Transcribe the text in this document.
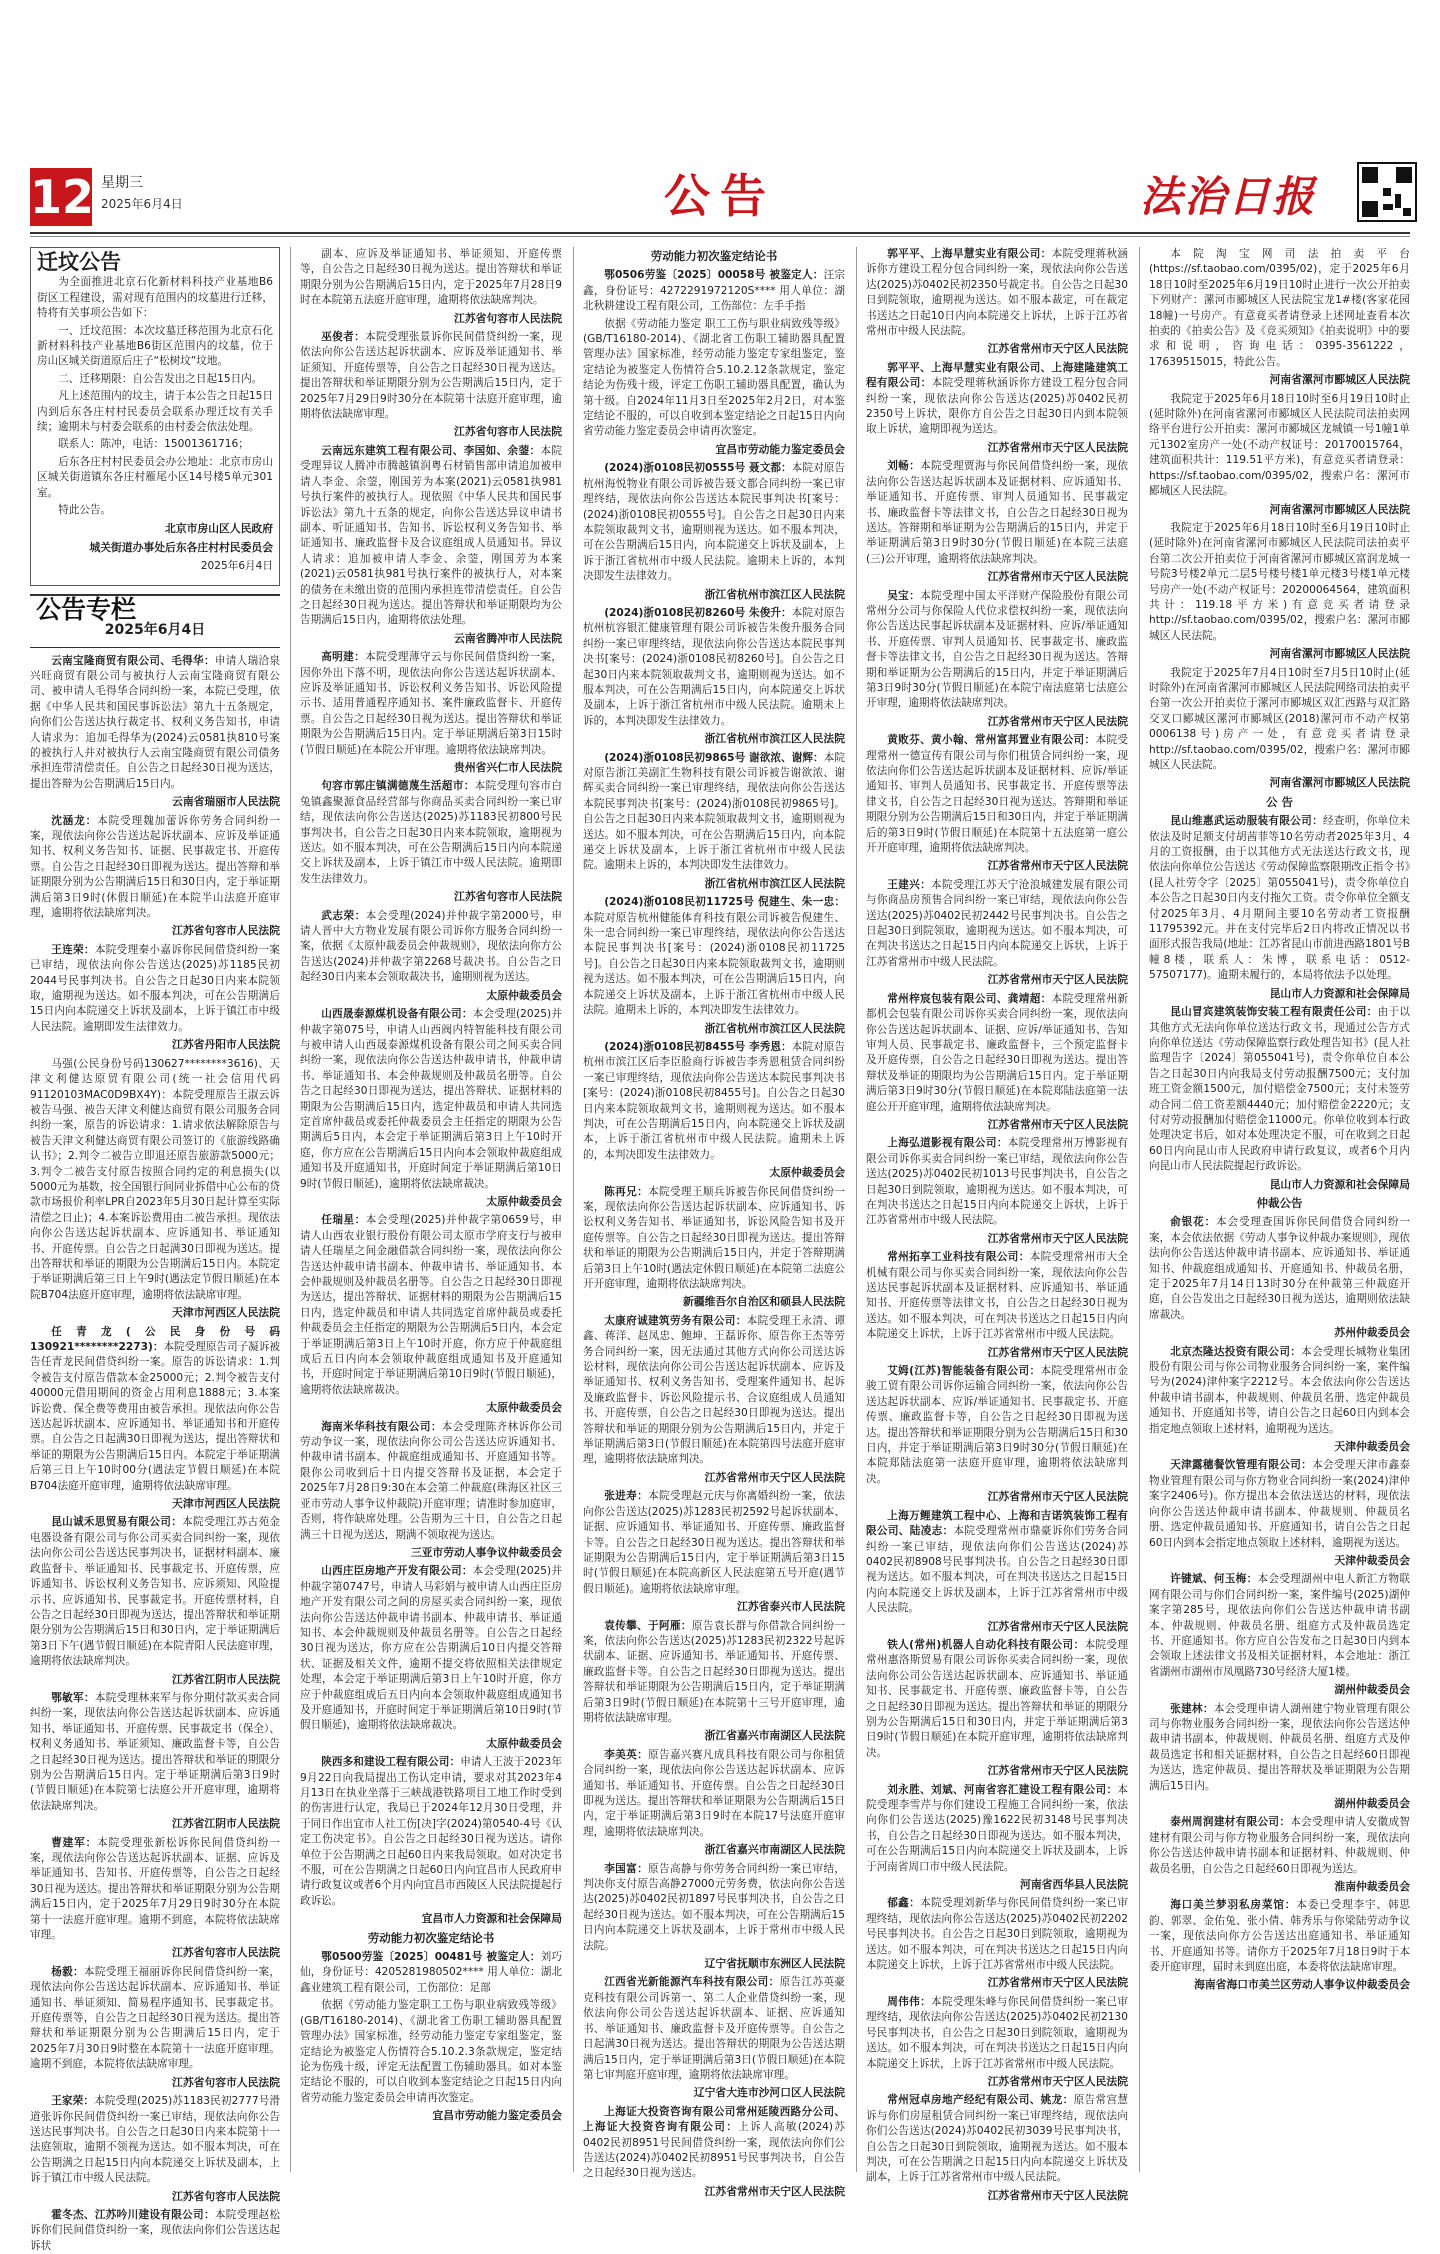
12 星期三
2025年6月4日	公告	法治日报
迁坟公告

为全面推进北京石化新材料科技产业基地B6街区工程建设，需对现有范围内的坟墓进行迁移，特将有关事项公告如下：

一、迁坟范围：本次坟墓迁移范围为北京石化新材料科技产业基地B6街区范围内的坟墓，位于房山区城关街道原后庄子“松树坟”坟地。

二、迁移期限：自公告发出之日起15日内。

凡上述范围内的坟主，请于本公告之日起15日内到后东各庄村村民委员会联系办理迁坟有关手续；逾期未与村委会联系的由村委会依法处理。

联系人：陈冲，电话：15001361716；

后东各庄村村民委员会办公地址：北京市房山区城关街道镇东各庄村雁尾小区14号楼5单元301室。

特此公告。

北京市房山区人民政府
城关街道办事处后东各庄村村民委员会
2025年6月4日
公告专栏
2025年6月4日

云南宝隆商贸有限公司、毛得华：申请人瑞洽泉兴旺商贸有限公司与被执行人云南宝隆商贸有限公司、被申请人毛得华合同纠纷一案，本院已受理，依据《中华人民共和国民事诉讼法》第九十五条规定，向你们公告送达执行裁定书、权利义务告知书，申请人请求为：追加毛得华为(2024)云0581执810号案的被执行人并对被执行人云南宝隆商贸有限公司债务承担连带清偿责任。自公告之日起经30日视为送达，提出答辩为公告期满后15日内。

云南省瑞丽市人民法院

沈涵龙：本院受理魏加蕾诉你劳务合同纠纷一案，现依法向你公告送达起诉状副本、应诉及举证通知书、权利义务告知书、证据、民事裁定书、开庭传票。自公告之日起经30日即视为送达。提出答辩和举证期限分别为公告期满后15日和30日内，定于举证期满后第3日9时(休假日顺延)在本院半山法庭开庭审理，逾期将依法缺席判决。

江苏省句容市人民法院

王连荣：本院受理秦小嘉诉你民间借贷纠纷一案已审结，现依法向你公告送达(2025)苏1185民初2044号民事判决书。自公告之日起30日内来本院领取，逾期视为送达。如不服本判决，可在公告期满后15日内向本院递交上诉状及副本，上诉于镇江市中级人民法院。逾期即发生法律效力。

江苏省丹阳市人民法院

马强(公民身份号码130627********3616)、天津文利健达原贸有限公司(统一社会信用代码91120103MAC0D9BX4Y)：本院受理原告王淑云诉被告马强、被告天津文利健达商贸有限公司服务合同纠纷一案，原告的诉讼请求：1.请求依法解除原告与被告天津文利健达商贸有限公司签订的《旅游线路确认书》；2.判令二被告立即退还原告旅游款5000元；3.判令二被告支付原告按照合同约定的利息损失(以5000元为基数，按全国银行间同业拆借中心公布的贷款市场报价利率LPR自2023年5月30日起计算至实际清偿之日止)；4.本案诉讼费用由二被告承担。现依法向你公告送达起诉状副本、应诉通知书、举证通知书、开庭传票。自公告之日起满30日即视为送达。提出答辩状和举证的期限为公告期满后15日内。本院定于举证期满后第三日上午9时(遇法定节假日顺延)在本院B704法庭开庭审理，逾期将依法缺席审理。

天津市河西区人民法院

任青龙(公民身份号码130921********2273)：本院受理原告司子凝诉被告任青龙民间借贷纠纷一案。原告的诉讼请求：1.判令被告支付原告借款本金25000元；2.判令被告支付40000元借用期间的资金占用利息1888元；3.本案诉讼费、保全费等费用由被告承担。现依法向你公告送达起诉状副本、应诉通知书、举证通知书和开庭传票。自公告之日起满30日即视为送达，提出答辩状和举证的期限为公告期满后15日内。本院定于举证期满后第三日上午10时00分(遇法定节假日顺延)在本院B704法庭开庭审理，逾期将依法缺席审理。

天津市河西区人民法院

昆山诚禾思贸易有限公司：本院受理江苏古苑金电器设备有限公司与你公司买卖合同纠纷一案，现依法向你公司公告送达民事判决书，证据材料副本、廉政监督卡、举证通知书、民事裁定书、开庭传票，应诉通知书、诉讼权利义务告知书、应诉须知、风险提示书、应诉通知书、民事裁定书。开庭传票材料，自公告之日起经30日即视为送达，提出答辩状和举证期限分别为公告期满后15日和30日内，定于举证期满后第3日下午(遇节假日顺延)在本院青阳人民法庭审理，逾期将依法缺席判决。

江苏省江阴市人民法院

鄂敏军：本院受理林来军与你分期付款买卖合同纠纷一案，现依法向你公告送达起诉状副本、应诉通知书、举证通知书、开庭传票、民事裁定书（保全）、权利义务通知书、举证须知、廉政监督卡等，自公告之日起经30日视为送达。提出答辩状和举证的期限分别为公告期满后15日内。定于举证期满后第3日9时(节假日顺延)在本院第七法庭公开开庭审理，逾期将依法缺席判决。

江苏省江阴市人民法院

曹建军：本院受理张新松诉你民间借贷纠纷一案，现依法向你公告送达起诉状副本、证据、应诉及举证通知书、告知书、开庭传票等，自公告之日起经30日视为送达。提出答辩状和举证期限分别为公告期满后15日内，定于2025年7月29日9时30分在本院第十一法庭开庭审理。逾期不到庭，本院将依法缺席审理。

江苏省句容市人民法院

杨毅：本院受理王福丽诉你民间借贷纠纷一案，现依法向你公告送达起诉状副本、应诉通知书、举证通知书、举证须知、简易程序通知书、民事裁定书。开庭传票等，自公告之日起经30日视为送达。提出答辩状和举证期限分别为公告期满后15日内，定于2025年7月30日9时整在本院第十一法庭开庭审理。逾期不到庭，本院将依法缺席审理。

江苏省句容市人民法院

王家荣：本院受理(2025)苏1183民初2777号滑道张诉你民间借贷纠纷一案已审结，现依法向你公告送达民事判决书。自公告之日起30日内来本院第十一法庭领取，逾期不领视为送达。如不服本判决，可在公告期满之日起15日内向本院递交上诉状及副本，上诉于镇江市中级人民法院。

江苏省句容市人民法院

霍冬杰、江苏吟川建设有限公司：本院受理赵松诉你们民间借贷纠纷一案，现依法向你们公告送达起诉状

副本、应诉及举证通知书、举证须知、开庭传票等，自公告之日起经30日视为送达。提出答辩状和举证期限分别为公告期满后15日内，定于2025年7月28日9时在本院第五法庭开庭审理，逾期将依法缺席判决。

江苏省句容市人民法院

巫俊者：本院受理张景诉你民间借贷纠纷一案，现依法向你公告送达起诉状副本、应诉及举证通知书、举证须知、开庭传票等，自公告之日起经30日视为送达。提出答辩状和举证期限分别为公告期满后15日内，定于2025年7月29日9时30分在本院第十法庭开庭审理，逾期将依法缺席审理。

江苏省句容市人民法院

云南远东建筑工程有限公司、李国如、余蓥：本院受理异议人腾冲市腾越镇润粤石材销售部申请追加被申请人李金、余蓥，刚国芳为本案(2021)云0581执981号执行案件的被执行人。现依照《中华人民共和国民事诉讼法》第九十五条的规定，向你公告送达异议申请书副本、听证通知书、告知书、诉讼权利义务告知书、举证通知书、廉政监督卡及合议庭组成人员通知书。异议人请求：追加被申请人李金、余蓥，刚国芳为本案(2021)云0581执981号执行案件的被执行人，对本案的债务在未缴出资的范围内承担连带清偿责任。自公告之日起经30日视为送达。提出答辩状和举证期限均为公告期满后15日内，逾期将依法处理。

云南省腾冲市人民法院

高明建：本院受理薄守云与你民间借贷纠纷一案，因你外出下落不明，现依法向你公告送达起诉状副本、应诉及举证通知书、诉讼权利义务告知书、诉讼风险提示书、适用普通程序通知书、案件廉政监督卡、开庭传票。自公告之日起经30日视为送达。提出答辩状和举证期限为公告期满后15日内。定于举证期满后第3日15时(节假日顺延)在本院公开审理。逾期将依法缺席判决。

贵州省兴仁市人民法院

句容市郭庄镇满德蔑生活超市：本院受理句容市白兔镇鑫聚源食品经营部与你商品买卖合同纠纷一案已审结，现依法向你公告送达(2025)苏1183民初800号民事判决书，自公告之日起30日内来本院领取，逾期视为送达。如不服本判决，可在公告期满后15日内向本院递交上诉状及副本，上诉于镇江市中级人民法院。逾期即发生法律效力。

江苏省句容市人民法院

武志荣：本会受理(2024)并仲裁字第2000号，申请人晋中大方物业发展有限公司诉你方服务合同纠纷一案，依据《太原仲裁委员会仲裁规则》，现依法向你方公告送达(2024)并仲裁字第2268号裁决书。自公告之日起经30日内来本会领取裁决书，逾期则视为送达。

太原仲裁委员会

山西晟泰源煤机设备有限公司：本会受理(2025)并仲裁字第075号，申请人山西阀内特智能科技有限公司与被申请人山西晟泰源煤机设备有限公司之间买卖合同纠纷一案，现依法向你公告送达仲裁申请书，仲裁申请书、举证通知书、本会仲裁规则及仲裁员名册等。自公告之日起经30日即视为送达，提出答辩状、证据材料的期限为公告期满后15日内，选定仲裁员和申请人共同选定首席仲裁员或委托仲裁委员会主任指定的期限为公告期满后5日内，本会定于举证期满后第3日上午10时开庭，你方应在公告期满后15日内向本会领取仲裁庭组成通知书及开庭通知书，开庭时间定于举证期满后第10日9时(节假日顺延)，逾期将依法缺席裁决。

太原仲裁委员会

任瑞星：本会受理(2025)并仲裁字第0659号，申请人山西农业银行股份有限公司太原市学府支行与被申请人任瑞星之间金融借款合同纠纷一案，现依法向你公告送达仲裁申请书副本、仲裁申请书、举证通知书、本会仲裁规则及仲裁员名册等。自公告之日起经30日即视为送达，提出答辩状、证据材料的期限为公告期满后15日内，选定仲裁员和申请人共同选定首席仲裁员或委托仲裁委员会主任指定的期限为公告期满后5日内，本会定于举证期满后第3日上午10时开庭，你方应于仲裁庭组成后五日内向本会领取仲裁庭组成通知书及开庭通知书，开庭时间定于举证期满后第10日9时(节假日顺延)，逾期将依法缺席裁决。

太原仲裁委员会

海南米华科技有限公司：本会受理陈齐林诉你公司劳动争议一案，现依法向你公司公告送达应诉通知书、仲裁申请书副本、仲裁庭组成通知书、开庭通知书等。限你公司收到后十日内提交答辩书及证据，本会定于2025年7月28日9:30在本会第二仲裁庭(珠海区社区三亚市劳动人事争议仲裁院)开庭审理；请准时参加庭审，否则，将作缺席处理。公告期为三十日，自公告之日起满三十日视为送达，期满不领取视为送达。

三亚市劳动人事争议仲裁委员会

山西庄臣房地产开发有限公司：本会受理(2025)并仲裁字第0747号，申请人马彩娟与被申请人山西庄臣房地产开发有限公司之间的房屋买卖合同纠纷一案，现依法向你公告送达仲裁申请书副本、仲裁申请书、举证通知书、本会仲裁规则及仲裁员名册等。自公告之日起经30日视为送达，你方应在公告期满后10日内提交答辩状、证据及相关文件，逾期不提交将依照相关法律规定处理，本会定于举证期满后第3日上午10时开庭，你方应于仲裁庭组成后五日内向本会领取仲裁庭组成通知书及开庭通知书，开庭时间定于举证期满后第10日9时(节假日顺延)，逾期将依法缺席裁决。

太原仲裁委员会

陕西多和建设工程有限公司：申请人王波于2023年9月22日向我局提出工伤认定申请，要求对其2023年4月13日在执业坐落于三峡战港铁路项目工地工作时受到的伤害进行认定，我局已于2024年12月30日受理，并于同日作出宜市人社工伤[决]字(2024)第0540-4号《认定工伤决定书》。自公告之日起经30日视为送达。请你单位于公告期满之日起60日内来我局领取。如对决定书不服，可在公告期满之日起60日内向宜昌市人民政府申请行政复议或者6个月内向宜昌市西陵区人民法院提起行政诉讼。

宜昌市人力资源和社会保障局
劳动能力初次鉴定结论书

鄂0500劳鉴〔2025〕00481号 被鉴定人：刘巧仙，身份证号：4205281980502**** 用人单位：湖北鑫业建筑工程有限公司，工伤部位：足部

依据《劳动能力鉴定职工工伤与职业病致残等级》(GB/T16180-2014)、《湖北省工伤职工辅助器具配置管理办法》国家标准，经劳动能力鉴定专家组鉴定，鉴定结论为被鉴定人伤情符合5.10.2.3条款规定，鉴定结论为伤残十级，评定无法配置工伤辅助器具。如对本鉴定结论不服的，可以自收到本鉴定结论之日起15日内向省劳动能力鉴定委员会申请再次鉴定。

宜昌市劳动能力鉴定委员会
劳动能力初次鉴定结论书

鄂0506劳鉴〔2025〕00058号 被鉴定人：汪宗鑫，身份证号：4272291972120S**** 用人单位：湖北秋耕建设工程有限公司，工伤部位：左手手指

依据《劳动能力鉴定 职工工伤与职业病致残等级》(GB/T16180-2014)、《湖北省工伤职工辅助器具配置管理办法》国家标准，经劳动能力鉴定专家组鉴定，鉴定结论为被鉴定人伤情符合5.10.2.12条款规定，鉴定结论为伤残十级，评定工伤职工辅助器具配置，确认为第十级。自2024年11月3日至2025年2月2日，对本鉴定结论不服的，可以自收到本鉴定结论之日起15日内向省劳动能力鉴定委员会申请再次鉴定。

宜昌市劳动能力鉴定委员会

(2024)浙0108民初0555号 聂文都：本院对原告杭州海悦物业有限公司诉被告聂文都合同纠纷一案已审理终结，现依法向你公告送达本院民事判决书[案号：(2024)浙0108民初0555号]。自公告之日起30日内来本院领取裁判文书，逾期则视为送达。如不服本判决，可在公告期满后15日内，向本院递交上诉状及副本，上诉于浙江省杭州市中级人民法院。逾期未上诉的，本判决即发生法律效力。

浙江省杭州市滨江区人民法院

(2024)浙0108民初8260号 朱俊升：本院对原告杭州杭容银汇健康管理有限公司诉被告朱俊升服务合同纠纷一案已审理终结，现依法向你公告送达本院民事判决书[案号：(2024)浙0108民初8260号]。自公告之日起30日内来本院领取裁判文书，逾期则视为送达。如不服本判决，可在公告期满后15日内，向本院递交上诉状及副本，上诉于浙江省杭州市中级人民法院。逾期未上诉的，本判决即发生法律效力。

浙江省杭州市滨江区人民法院

(2024)浙0108民初9865号 谢欲浓、谢辉：本院对原告浙江美副汇生物科技有限公司诉被告谢欲浓、谢辉买卖合同纠纷一案已审理终结，现依法向你公告送达本院民事判决书[案号：(2024)浙0108民初9865号]。自公告之日起30日内来本院领取裁判文书，逾期则视为送达。如不服本判决，可在公告期满后15日内，向本院递交上诉状及副本，上诉于浙江省杭州市中级人民法院。逾期未上诉的，本判决即发生法律效力。

浙江省杭州市滨江区人民法院

(2024)浙0108民初11725号 倪建生、朱一忠：本院对原告杭州健能体育科技有限公司诉被告倪建生、朱一忠合同纠纷一案已审理终结，现依法向你公告送达本院民事判决书[案号：(2024)浙0108民初11725号]。自公告之日起30日内来本院领取裁判文书，逾期则视为送达。如不服本判决，可在公告期满后15日内，向本院递交上诉状及副本，上诉于浙江省杭州市中级人民法院。逾期未上诉的，本判决即发生法律效力。

浙江省杭州市滨江区人民法院

(2024)浙0108民初8455号 李秀恩：本院对原告杭州市滨江区后李臣脸商行诉被告李秀恩租赁合同纠纷一案已审理终结，现依法向你公告送达本院民事判决书[案号：(2024)浙0108民初8455号]。自公告之日起30日内来本院领取裁判文书，逾期则视为送达。如不服本判决，可在公告期满后15日内，向本院递交上诉状及副本，上诉于浙江省杭州市中级人民法院。逾期未上诉的，本判决即发生法律效力。

太原仲裁委员会

陈再兄：本院受理王顺兵诉被告你民间借贷纠纷一案，现依法向你公告送达起诉状副本、应诉通知书、诉讼权利义务告知书、举证通知书，诉讼风险告知书及开庭传票等。自公告之日起经30日即视为送达。提出答辩状和举证的期限为公告期满后15日内，并定于答辩期满后第3日上午10时(遇法定休假日顺延)在本院第二法庭公开开庭审理，逾期将依法缺席判决。

新疆维吾尔自治区和硕县人民法院

太康府诚建筑劳务有限公司：本院受理王永清、谭鑫、蒋洋、赵凤忠、鲍坤、王磊诉你、原告你王杰等劳务合同纠纷一案，因无法通过其他方式向你公司送达诉讼材料，现依法向你公司公告送达起诉状副本、应诉及举证通知书、权利义务告知书、受理案件通知书、起诉及廉政监督卡、诉讼风险提示书、合议庭组成人员通知书、开庭传票，自公告之日起经30日即视为送达。提出答辩状和举证的期限分别为公告期满后15日内，并定于举证期满后第3日(节假日顺延)在本院第四号法庭开庭审理，逾期将依法缺席判决。

江苏省常州市天宁区人民法院

张进寿：本院受理赵元庆与你离婚纠纷一案，依法向你公告送达(2025)苏1283民初2592号起诉状副本、证据、应诉通知书、举证通知书、开庭传票、廉政监督卡等。自公告之日起经30日视为送达。提出答辩状和举证期限为公告期满后15日内，定于举证期满后第3日15时(节假日顺延)在本院高新区人民法庭第五号开庭(遇节假日顺延)。逾期将依法缺席审理。

江苏省泰兴市人民法院

袁传攀、于阿雁：原告袁长群与你借款合同纠纷一案，依法向你公告送达(2025)苏1283民初2322号起诉状副本、证据、应诉通知书、举证通知书、开庭传票、廉政监督卡等。自公告之日起经30日即视为送达。提出答辩状和举证期限为公告期满后15日内，定于举证期满后第3日9时(节假日顺延)在本院第十三号开庭审理，逾期将依法缺席审理。

浙江省嘉兴市南湖区人民法院

李美英：原告嘉兴赛凡成具科技有限公司与你租赁合同纠纷一案，现依法向你公告送达起诉状副本、应诉通知书、举证通知书、开庭传票。自公告之日起经30日即视为送达。提出答辩状和举证期限为公告期满后15日内，定于举证期满后第3日9时在本院17号法庭开庭审理，逾期将依法缺席判决。

浙江省嘉兴市南湖区人民法院

李国富：原告高静与你劳务合同纠纷一案已审结，判决你支付原告高静27000元劳务费，依法向你公告送达(2025)苏0402民初1897号民事判决书，自公告之日起经30日视为送达。如不服本判决，可在公告期满后15日内向本院递交上诉状及副本，上诉于常州市中级人民法院。

辽宁省抚顺市东洲区人民法院

江西省光新能源汽车科技有限公司：原告江苏英豪克科技有限公司诉第一、第二人企业借贷纠纷一案，现依法向你公司公告送达起诉状副本、证据、应诉通知书、举证通知书、廉政监督卡及开庭传票等。自公告之日起满30日视为送达。提出答辩状的期限为公告送达期满后15日内，定于举证期满后第3日(节假日顺延)在本院第七审判庭开庭审理，逾期将依法缺席审理。

辽宁省大连市沙河口区人民法院

上海证大投资咨询有限公司常州延陵西路分公司、上海证大投资咨询有限公司：上诉人高敏(2024)苏0402民初8951号民间借贷纠纷一案，现依法向你们公告送达(2024)苏0402民初8951号民事判决书，自公告之日起经30日视为送达。

江苏省常州市天宁区人民法院

郭平平、上海早慧实业有限公司：本院受理蒋秋涵诉你方建设工程分包合同纠纷一案，现依法向你公告送达(2025)苏0402民初2350号裁定书。自公告之日起30日到院领取，逾期视为送达。如不服本裁定，可在裁定书送达之日起10日内向本院递交上诉状，上诉于江苏省常州市中级人民法院。

江苏省常州市天宁区人民法院

郭平平、上海早慧实业有限公司、上海建隆建筑工程有限公司：本院受理蒋秋涵诉你方建设工程分包合同纠纷一案，现依法向你公告送达(2025)苏0402民初2350号上诉状，限你方自公告之日起30日内到本院领取上诉状，逾期即视为送达。

江苏省常州市天宁区人民法院

刘畅：本院受理贾海与你民间借贷纠纷一案，现依法向你公告送达起诉状副本及证据材料、应诉通知书、举证通知书、开庭传票、审判人员通知书、民事裁定书、廉政监督卡等法律文书，自公告之日起经30日视为送达。答辩期和举证期为公告期满后的15日内，并定于举证期满后第3日9时30分(节假日顺延)在本院三法庭(三)公开审理，逾期将依法缺席判决。

江苏省常州市天宁区人民法院

吴宝：本院受理中国太平洋财产保险股份有限公司常州分公司与你保险人代位求偿权纠纷一案，现依法向你公告送达民事起诉状副本及证据材料、应诉/举证通知书、开庭传票、审判人员通知书、民事裁定书、廉政监督卡等法律文书，自公告之日起经30日视为送达。答辩期和举证期为公告期满后的15日内，并定于举证期满后第3日9时30分(节假日顺延)在本院宁南法庭第七法庭公开审理，逾期将依法缺席判决。

江苏省常州市天宁区人民法院

黄败芬、黄小翰、常州富邦置业有限公司：本院受理常州一德宣传有限公司与你们租赁合同纠纷一案，现依法向你们公告送达起诉状副本及证据材料、应诉/举证通知书、审判人员通知书、民事裁定书、开庭传票等法律文书，自公告之日起经30日视为送达。答辩期和举证期限分别为公告期满后15日和30日内，并定于举证期满后的第3日9时(节假日顺延)在本院第十五法庭第一庭公开开庭审理，逾期将依法缺席判决。

江苏省常州市天宁区人民法院

王建兴：本院受理江苏天宁沧浪城建发展有限公司与你商品房预售合同纠纷一案已审结，现依法向你公告送达(2025)苏0402民初2442号民事判决书。自公告之日起30日到院领取，逾期视为送达。如不服本判决，可在判决书送达之日起15日内向本院递交上诉状，上诉于江苏省常州市中级人民法院。

江苏省常州市天宁区人民法院

常州梓宸包装有限公司、龚靖超：本院受理常州新都机会包装有限公司诉你买卖合同纠纷一案，现依法向你公告送达起诉状副本、证据、应诉/举证通知书、告知审判人员、民事裁定书、廉政监督卡，三个预定监督卡及开庭传票，自公告之日起经30日即视为送达。提出答辩状及举证的期限均为公告期满后15日内。定于举证期满后第3日9时30分(节假日顺延)在本院郑陆法庭第一法庭公开开庭审理，逾期将依法缺席判决。

江苏省常州市天宁区人民法院

上海弘道影视有限公司：本院受理常州万博影视有限公司诉你买卖合同纠纷一案已审结，现依法向你公告送达(2025)苏0402民初1013号民事判决书，自公告之日起30日到院领取，逾期视为送达。如不服本判决，可在判决书送达之日起15日内向本院递交上诉状，上诉于江苏省常州市中级人民法院。

江苏省常州市天宁区人民法院

常州拓享工业科技有限公司：本院受理常州市大全机械有限公司与你买卖合同纠纷一案，现依法向你公告送达民事起诉状副本及证据材料、应诉通知书、举证通知书、开庭传票等法律文书，自公告之日起经30日视为送达。如不服本判决，可在判决书送达之日起15日内向本院递交上诉状，上诉于江苏省常州市中级人民法院。

江苏省常州市天宁区人民法院

艾姆(江苏)智能装备有限公司：本院受理常州市金骏工贸有限公司诉你运输合同纠纷一案，依法向你公告送达起诉状副本、应诉/举证通知书、民事裁定书、开庭传票、廉政监督卡等，自公告之日起经30日即视为送达。提出答辩状和举证期限分别为公告期满后15日和30日内，并定于举证期满后第3日9时30分(节假日顺延)在本院郑陆法庭第一法庭开庭审理，逾期将依法缺席判决。

江苏省常州市天宁区人民法院

上海万鲤建筑工程中心、上海和吉诺筑装饰工程有限公司、陆凌志：本院受理常州市鼎豪诉你们劳务合同纠纷一案已审结，现依法向你们公告送达(2024)苏0402民初8908号民事判决书。自公告之日起经30日即视为送达。如不服本判决，可在判决书送达之日起15日内向本院递交上诉状及副本，上诉于江苏省常州市中级人民法院。

江苏省常州市天宁区人民法院

铁人(常州)机器人自动化科技有限公司：本院受理常州惠洛斯贸易有限公司诉你买卖合同纠纷一案，现依法向你公司公告送达起诉状副本、应诉通知书、举证通知书、民事裁定书、开庭传票、廉政监督卡等，自公告之日起经30日即视为送达。提出答辩状和举证的期限分别为公告期满后15日和30日内，并定于举证期满后第3日9时(节假日顺延)在本院开庭审理，逾期将依法缺席判决。

江苏省常州市天宁区人民法院

刘永胜、刘斌、河南省容汇建设工程有限公司：本院受理李雪芹与你们建设工程施工合同纠纷一案，依法向你们公告送达(2025)豫1622民初3148号民事判决书，自公告之日起经30日即视为送达。如不服本判决，可在公告期满后15日内向本院递交上诉状及副本，上诉于河南省周口市中级人民法院。

河南省西华县人民法院

郁鑫：本院受理刘新华与你民间借贷纠纷一案已审理终结，现依法向你公告送达(2025)苏0402民初2202号民事判决书。自公告之日起30日到院领取，逾期视为送达。如不服本判决，可在判决书送达之日起15日内向本院递交上诉状，上诉于江苏省常州市中级人民法院。

江苏省常州市天宁区人民法院

周伟伟：本院受理朱峰与你民间借贷纠纷一案已审理终结，现依法向你公告送达(2025)苏0402民初2130号民事判决书，自公告之日起30日到院领取，逾期视为送达。如不服本判决，可在判决书送达之日起15日内向本院递交上诉状，上诉于江苏省常州市中级人民法院。

江苏省常州市天宁区人民法院

常州冠卓房地产经纪有限公司、姚龙：原告常宫慧诉与你们房屋租赁合同纠纷一案已审理终结，现依法向你们公告送达(2024)苏0402民初3039号民事判决书，自公告之日起30日到院领取，逾期视为送达。如不服本判决，可在公告期满之日起15日内向本院递交上诉状及副本，上诉于江苏省常州市中级人民法院。

江苏省常州市天宁区人民法院

本院淘宝网司法拍卖平台(https://sf.taobao.com/0395/02)，定于2025年6月18日10时至2025年6月19日10时止进行一次公开拍卖下列财产：漯河市郾城区人民法院宝龙1#楼(客家花园18幢)一号房产。有意竟买者请登录上述网址查看本次拍卖的《拍卖公告》及《竞买须知》《拍卖说明》中的要求和说明，咨询电话：0395-3561222，17639515015，特此公告。

河南省漯河市郾城区人民法院

我院定于2025年6月18日10时至6月19日10时止(延时除外)在河南省漯河市郾城区人民法院司法拍卖网络平台进行公开拍卖：漯河市郾城区龙城镇一号1幢1单元1302室房产一处(不动产权证号：20170015764，建筑面积共计：119.51平方米)，有意竞买者请登录：https://sf.taobao.com/0395/02，搜索户名：漯河市郾城区人民法院。

河南省漯河市郾城区人民法院

我院定于2025年6月18日10时至6月19日10时止(延时除外)在河南省漯河市郾城区人民法院司法拍卖平台第二次公开拍卖位于河南省漯河市郾城区富润龙城一号院3号楼2单元二层5号楼号楼1单元楼3号楼1单元楼号房产一处(不动产权证号：20200064564，建筑面积共计：119.18平方米)有意竞买者请登录http://sf.taobao.com/0395/02，搜索户名：漯河市郾城区人民法院。

河南省漯河市郾城区人民法院

我院定于2025年7月4日10时至7月5日10时止(延时除外)在河南省漯河市郾城区人民法院网络司法拍卖平台第一次公开拍卖位于漯河市郾城区双汇西路与双汇路交叉口郾城区漯河市郾城区(2018)漯河市不动产权第0006138号)房产一处，有意竞买者请登录 http://sf.taobao.com/0395/02，搜索户名：漯河市郾城区人民法院。

河南省漯河市郾城区人民法院
公 告

昆山维惠武运动服装有限公司：经查明，你单位未依法及时足额支付胡茜菲等10名劳动者2025年3月、4月的工资报酬，由于以其他方式无法送达行政文书，现依法向你单位公告送达《劳动保障监察限期改正指令书》(昆人社劳令字〔2025〕第055041号)，责令你单位自本公告之日起30日内支付拖欠工资。责令你单位全额支付2025年3月、4月期间主要10名劳动者工资报酬11795392元。并在支付完毕后2日内将改正情况以书面形式报告我局(地址：江苏省昆山市前进西路1801号B幢8楼，联系人：朱博，联系电话：0512-57507177)。逾期未履行的，本局将依法予以处理。

昆山市人力资源和社会保障局

昆山冒宾建筑装饰安装工程有限责任公司：由于以其他方式无法向你单位送达行政文书，现通过公告方式向你单位送达《劳动保障监察行政处理告知书》(昆人社监理告字〔2024〕第055041号)，责令你单位自本公告之日起30日内向我局支付劳动报酬7500元；支付加班工资金额1500元，加付赔偿金7500元；支付未签劳动合同二倍工资差额4440元；加付赔偿金2220元；支付对劳动报酬加付赔偿金11000元。你单位收到本行政处理决定书后，如对本处理决定不服，可在收到之日起60日内向昆山市人民政府申请行政复议，或者6个月内向昆山市人民法院提起行政诉讼。

昆山市人力资源和社会保障局
仲裁公告

俞银花：本会受理查国诉你民间借贷合同纠纷一案，本会依法依据《劳动人事争议仲裁办案规则》，现依法向你公告送达仲裁申请书副本、应诉通知书、举证通知书、仲裁庭组成通知书、开庭通知书、仲裁员名册，定于2025年7月14日13时30分在仲裁第三仲裁庭开庭，自公告发出之日起经30日视为送达，逾期则依法缺席裁决。

苏州仲裁委员会

北京杰隆达投资有限公司：本会受理长城物业集团股份有限公司与你公司物业服务合同纠纷一案，案件编号为(2024)津仲案字2212号。本会依法向你公告送达仲裁申请书副本，仲裁规则、仲裁员名册、选定仲裁员通知书、开庭通知书等，请自公告之日起60日内到本会指定地点领取上述材料，逾期视为送达。

天津仲裁委员会

天津露穗餐饮管理有限公司：本会受理天津市鑫泰物业管理有限公司与你方物业合同纠纷一案(2024)津仲案字2406号)。你方提出本会依法送达的材料，现依法向你公告送达仲裁申请书副本、仲裁规则、仲裁员名册、选定仲裁员通知书、开庭通知书，请自公告之日起60日内到本会指定地点领取上述材料，逾期视为送达。

天津仲裁委员会

许键斌、何玉梅：本会受理湖州中电人新汇方物联网有限公司与你们合同纠纷一案，案件编号(2025)湖仲案字第285号，现依法向你们公告送达仲裁申请书副本、仲裁规则、仲裁员名册、组庭方式及仲裁员选定书、开庭通知书。你方应自公告发布之日起30日内到本会领取上述法律文书及相关证据材料，本会地址：浙江省湖州市湖州市凤凰路730号经济大厦1楼。

湖州仲裁委员会

张建林：本会受理申请人湖州建宁物业管理有限公司与你物业服务合同纠纷一案，现依法向你公告送达仲裁申请书副本，仲裁规则、仲裁员名册、组庭方式及仲裁员选定书和相关证据材料，自公告之日起经60日即视为送达，选定仲裁员、提出答辩状及举证期限为公告期满后15日内。

湖州仲裁委员会

泰州周润建材有限公司：本会受理申请人安徽成智建材有限公司与你方物业服务合同纠纷一案，现依法向你公告送达仲裁申请书副本和证据材料、仲裁规则、仲裁员名册，自公告之日起经60日即视为送达。

淮南仲裁委员会

海口美兰梦羽私房菜馆：本委已受理李宇、韩思韵、郭翠、金佑兔、张小倩、韩秀乐与你梁陆劳动争议一案，现依法向你方公告送达出庭通知书、举证通知书、开庭通知书等。请你方于2025年7月18日9时于本委开庭审理，届时未到庭出庭，本委将依法缺席审理。

海南省海口市美兰区劳动人事争议仲裁委员会
